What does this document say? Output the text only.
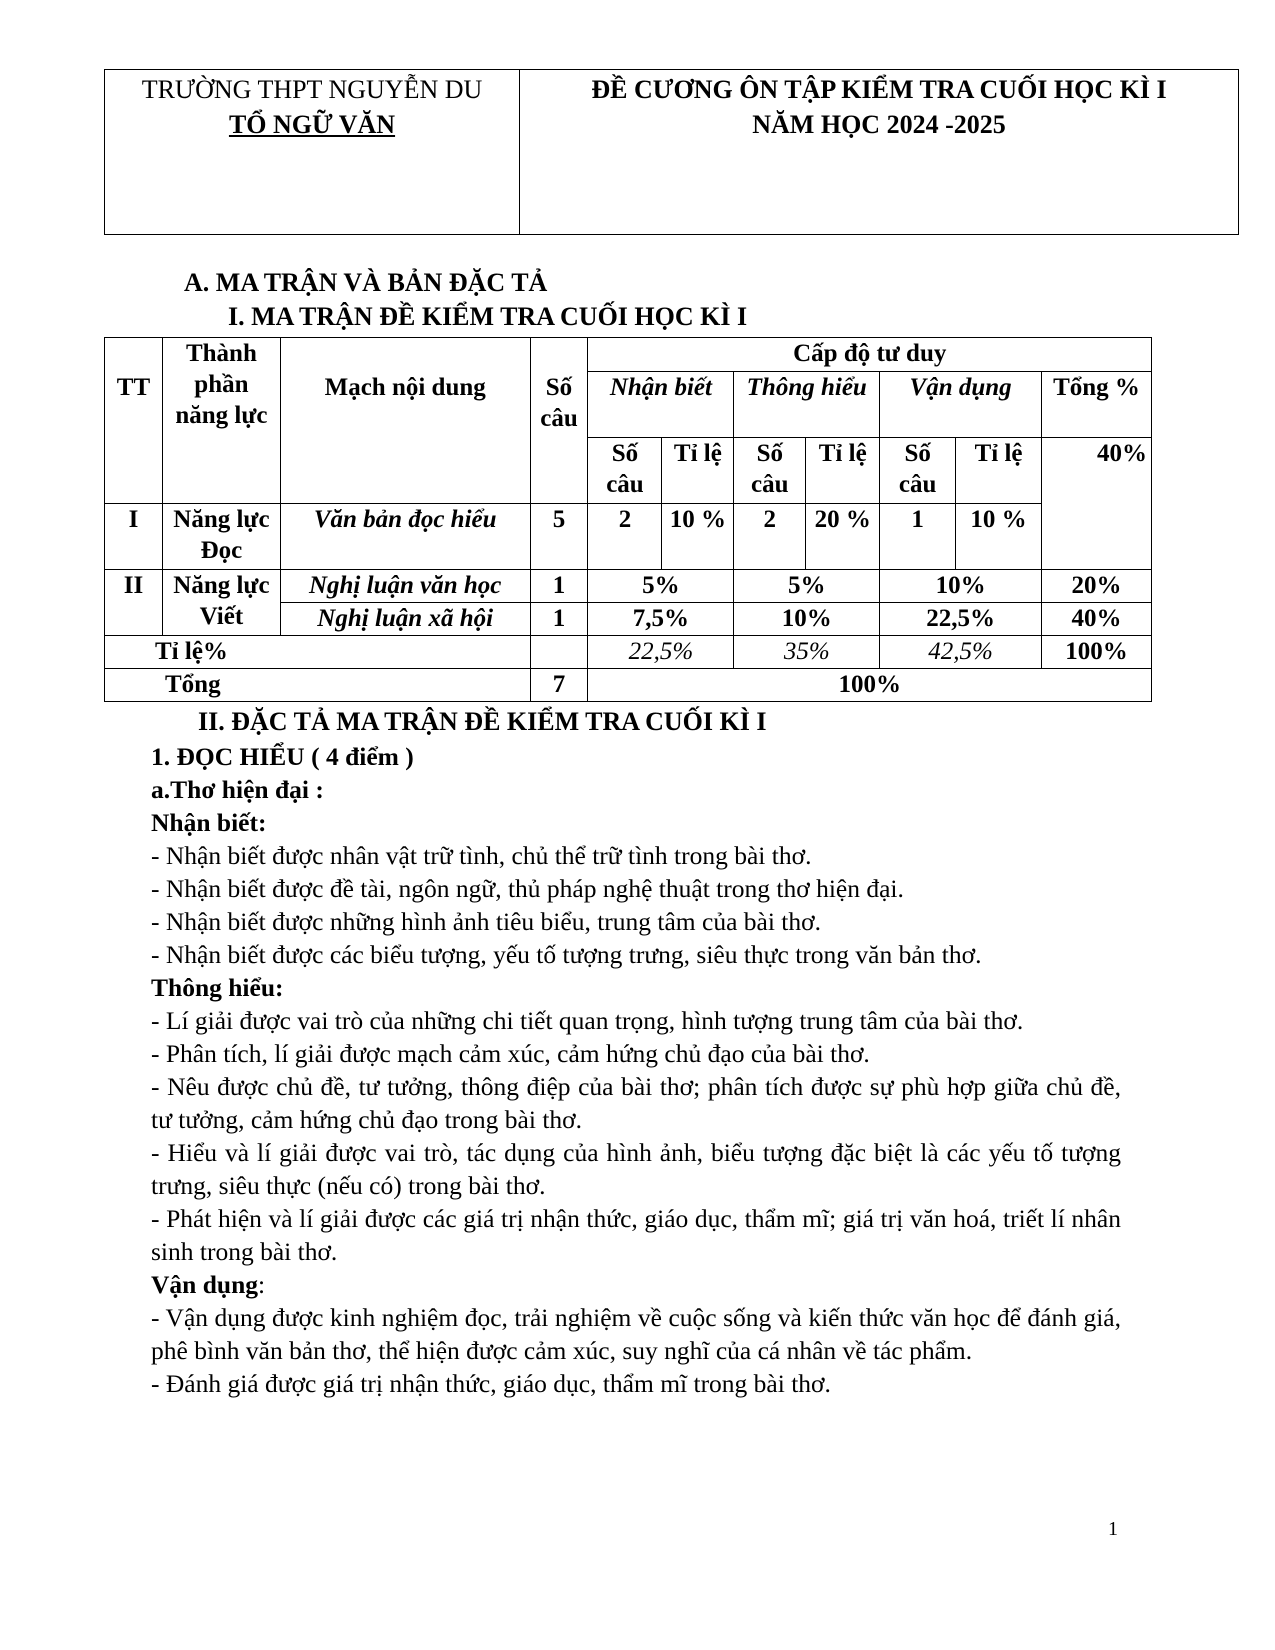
TRƯỜNG THPT NGUYỄN DU
TỔ NGỮ VĂN
ĐỀ CƯƠNG ÔN TẬP KIỂM TRA CUỐI HỌC KÌ I
NĂM HỌC 2024 -2025
A. MA TRẬN VÀ BẢN ĐẶC TẢ
I. MA TRẬN ĐỀ KIỂM TRA CUỐI HỌC KÌ I
TT	Thành phần năng lực	Mạch nội dung	Số câu	Cấp độ tư duy						
				Nhận biết		Thông hiểu		Vận dụng		Tổng %
				Số câu	Tỉ lệ	Số câu	Tỉ lệ	Số câu	Tỉ lệ	40%
I	Năng lực Đọc	Văn bản đọc hiểu	5	2	10 %	2	20 %	1	10 %	
II	Năng lực Viết	Nghị luận văn học	1	5%		5%		10%		20%
		Nghị luận xã hội	1	7,5%		10%		22,5%		40%
Tỉ lệ%				22,5%		35%		42,5%		100%
Tổng			7	100%						
II. ĐẶC TẢ MA TRẬN ĐỀ KIỂM TRA CUỐI KÌ I

1. ĐỌC HIỂU ( 4 điểm )

a.Thơ hiện đại :

Nhận biết:

- Nhận biết được nhân vật trữ tình, chủ thể trữ tình trong bài thơ.

- Nhận biết được đề tài, ngôn ngữ, thủ pháp nghệ thuật trong thơ hiện đại.

- Nhận biết được những hình ảnh tiêu biểu, trung tâm của bài thơ.

- Nhận biết được các biểu tượng, yếu tố tượng trưng, siêu thực trong văn bản thơ.

Thông hiểu:

- Lí giải được vai trò của những chi tiết quan trọng, hình tượng trung tâm của bài thơ.

- Phân tích, lí giải được mạch cảm xúc, cảm hứng chủ đạo của bài thơ.

- Nêu được chủ đề, tư tưởng, thông điệp của bài thơ; phân tích được sự phù hợp giữa chủ đề, tư tưởng, cảm hứng chủ đạo trong bài thơ.

- Hiểu và lí giải được vai trò, tác dụng của hình ảnh, biểu tượng đặc biệt là các yếu tố tượng trưng, siêu thực (nếu có) trong bài thơ.

- Phát hiện và lí giải được các giá trị nhận thức, giáo dục, thẩm mĩ; giá trị văn hoá, triết lí nhân sinh trong bài thơ.

Vận dụng:

- Vận dụng được kinh nghiệm đọc, trải nghiệm về cuộc sống và kiến thức văn học để đánh giá, phê bình văn bản thơ, thể hiện được cảm xúc, suy nghĩ của cá nhân về tác phẩm.

- Đánh giá được giá trị nhận thức, giáo dục, thẩm mĩ trong bài thơ.

1
